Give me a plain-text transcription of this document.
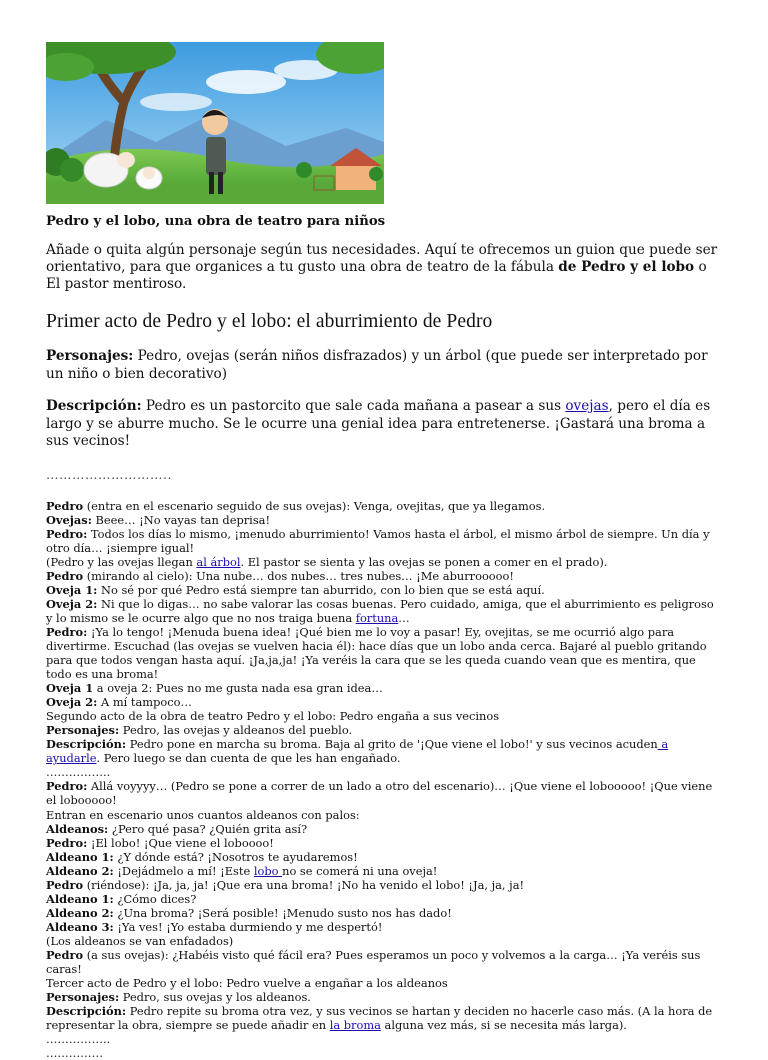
Pedro y el lobo, una obra de teatro para niños

Añade o quita algún personaje según tus necesidades. Aquí te ofrecemos un guion que puede ser orientativo, para que organices a tu gusto una obra de teatro de la fábula de Pedro y el lobo o El pastor mentiroso.

Primer acto de Pedro y el lobo: el aburrimiento de Pedro

Personajes: Pedro, ovejas (serán niños disfrazados) y un árbol (que puede ser interpretado por un niño o bien decorativo)

Descripción: Pedro es un pastorcito que sale cada mañana a pasear a sus ovejas, pero el día es largo y se aburre mucho. Se le ocurre una genial idea para entretenerse. ¡Gastará una broma a sus vecinos!

………………………..

Pedro (entra en el escenario seguido de sus ovejas): Venga, ovejitas, que ya llegamos.

Ovejas: Beee… ¡No vayas tan deprisa!

Pedro: Todos los días lo mismo, ¡menudo aburrimiento! Vamos hasta el árbol, el mismo árbol de siempre. Un día y otro día… ¡siempre igual!

(Pedro y las ovejas llegan al árbol. El pastor se sienta y las ovejas se ponen a comer en el prado).

Pedro (mirando al cielo): Una nube… dos nubes… tres nubes… ¡Me aburrooooo!

Oveja 1: No sé por qué Pedro está siempre tan aburrido, con lo bien que se está aquí.

Oveja 2: Ni que lo digas… no sabe valorar las cosas buenas. Pero cuidado, amiga, que el aburrimiento es peligroso y lo mismo se le ocurre algo que no nos traiga buena fortuna…

Pedro: ¡Ya lo tengo! ¡Menuda buena idea! ¡Qué bien me lo voy a pasar! Ey, ovejitas, se me ocurrió algo para divertirme. Escuchad (las ovejas se vuelven hacia él): hace días que un lobo anda cerca. Bajaré al pueblo gritando para que todos vengan hasta aquí. ¡Ja,ja,ja! ¡Ya veréis la cara que se les queda cuando vean que es mentira, que todo es una broma!

Oveja 1 a oveja 2: Pues no me gusta nada esa gran idea…

Oveja 2: A mí tampoco…

Segundo acto de la obra de teatro Pedro y el lobo: Pedro engaña a sus vecinos

Personajes: Pedro, las ovejas y aldeanos del pueblo.

Descripción: Pedro pone en marcha su broma. Baja al grito de '¡Que viene el lobo!' y sus vecinos acuden a ayudarle. Pero luego se dan cuenta de que les han engañado.

……………..

Pedro: Allá voyyyy… (Pedro se pone a correr de un lado a otro del escenario)… ¡Que viene el lobooooo! ¡Que viene el lobooooo!

Entran en escenario unos cuantos aldeanos con palos:

Aldeanos: ¿Pero qué pasa? ¿Quién grita así?

Pedro: ¡El lobo! ¡Que viene el loboooo!

Aldeano 1: ¿Y dónde está? ¡Nosotros te ayudaremos!

Aldeano 2: ¡Dejádmelo a mí! ¡Este lobo no se comerá ni una oveja!

Pedro (riéndose): ¡Ja, ja, ja! ¡Que era una broma! ¡No ha venido el lobo! ¡Ja, ja, ja!

Aldeano 1: ¿Cómo dices?

Aldeano 2: ¿Una broma? ¡Será posible! ¡Menudo susto nos has dado!

Aldeano 3: ¡Ya ves! ¡Yo estaba durmiendo y me despertó!

(Los aldeanos se van enfadados)

Pedro (a sus ovejas): ¿Habéis visto qué fácil era? Pues esperamos un poco y volvemos a la carga… ¡Ya veréis sus caras!

Tercer acto de Pedro y el lobo: Pedro vuelve a engañar a los aldeanos

Personajes: Pedro, sus ovejas y los aldeanos.

Descripción: Pedro repite su broma otra vez, y sus vecinos se hartan y deciden no hacerle caso más. (A la hora de representar la obra, siempre se puede añadir en la broma alguna vez más, si se necesita más larga).

……………..

……………
